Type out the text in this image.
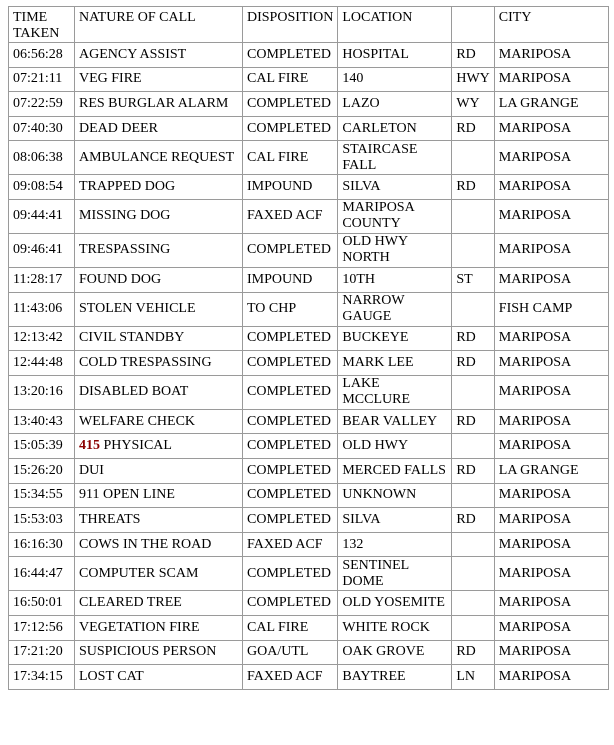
TIME TAKEN	NATURE OF CALL	DISPOSITION	LOCATION		CITY
06:56:28	AGENCY ASSIST	COMPLETED	HOSPITAL	RD	MARIPOSA
07:21:11	VEG FIRE	CAL FIRE	140	HWY	MARIPOSA
07:22:59	RES BURGLAR ALARM	COMPLETED	LAZO	WY	LA GRANGE
07:40:30	DEAD DEER	COMPLETED	CARLETON	RD	MARIPOSA
08:06:38	AMBULANCE REQUEST	CAL FIRE	STAIRCASE FALL		MARIPOSA
09:08:54	TRAPPED DOG	IMPOUND	SILVA	RD	MARIPOSA
09:44:41	MISSING DOG	FAXED ACF	MARIPOSA COUNTY		MARIPOSA
09:46:41	TRESPASSING	COMPLETED	OLD HWY NORTH		MARIPOSA
11:28:17	FOUND DOG	IMPOUND	10TH	ST	MARIPOSA
11:43:06	STOLEN VEHICLE	TO CHP	NARROW GAUGE		FISH CAMP
12:13:42	CIVIL STANDBY	COMPLETED	BUCKEYE	RD	MARIPOSA
12:44:48	COLD TRESPASSING	COMPLETED	MARK LEE	RD	MARIPOSA
13:20:16	DISABLED BOAT	COMPLETED	LAKE MCCLURE		MARIPOSA
13:40:43	WELFARE CHECK	COMPLETED	BEAR VALLEY	RD	MARIPOSA
15:05:39	415 PHYSICAL	COMPLETED	OLD HWY		MARIPOSA
15:26:20	DUI	COMPLETED	MERCED FALLS	RD	LA GRANGE
15:34:55	911 OPEN LINE	COMPLETED	UNKNOWN		MARIPOSA
15:53:03	THREATS	COMPLETED	SILVA	RD	MARIPOSA
16:16:30	COWS IN THE ROAD	FAXED ACF	132		MARIPOSA
16:44:47	COMPUTER SCAM	COMPLETED	SENTINEL DOME		MARIPOSA
16:50:01	CLEARED TREE	COMPLETED	OLD YOSEMITE		MARIPOSA
17:12:56	VEGETATION FIRE	CAL FIRE	WHITE ROCK		MARIPOSA
17:21:20	SUSPICIOUS PERSON	GOA/UTL	OAK GROVE	RD	MARIPOSA
17:34:15	LOST CAT	FAXED ACF	BAYTREE	LN	MARIPOSA
